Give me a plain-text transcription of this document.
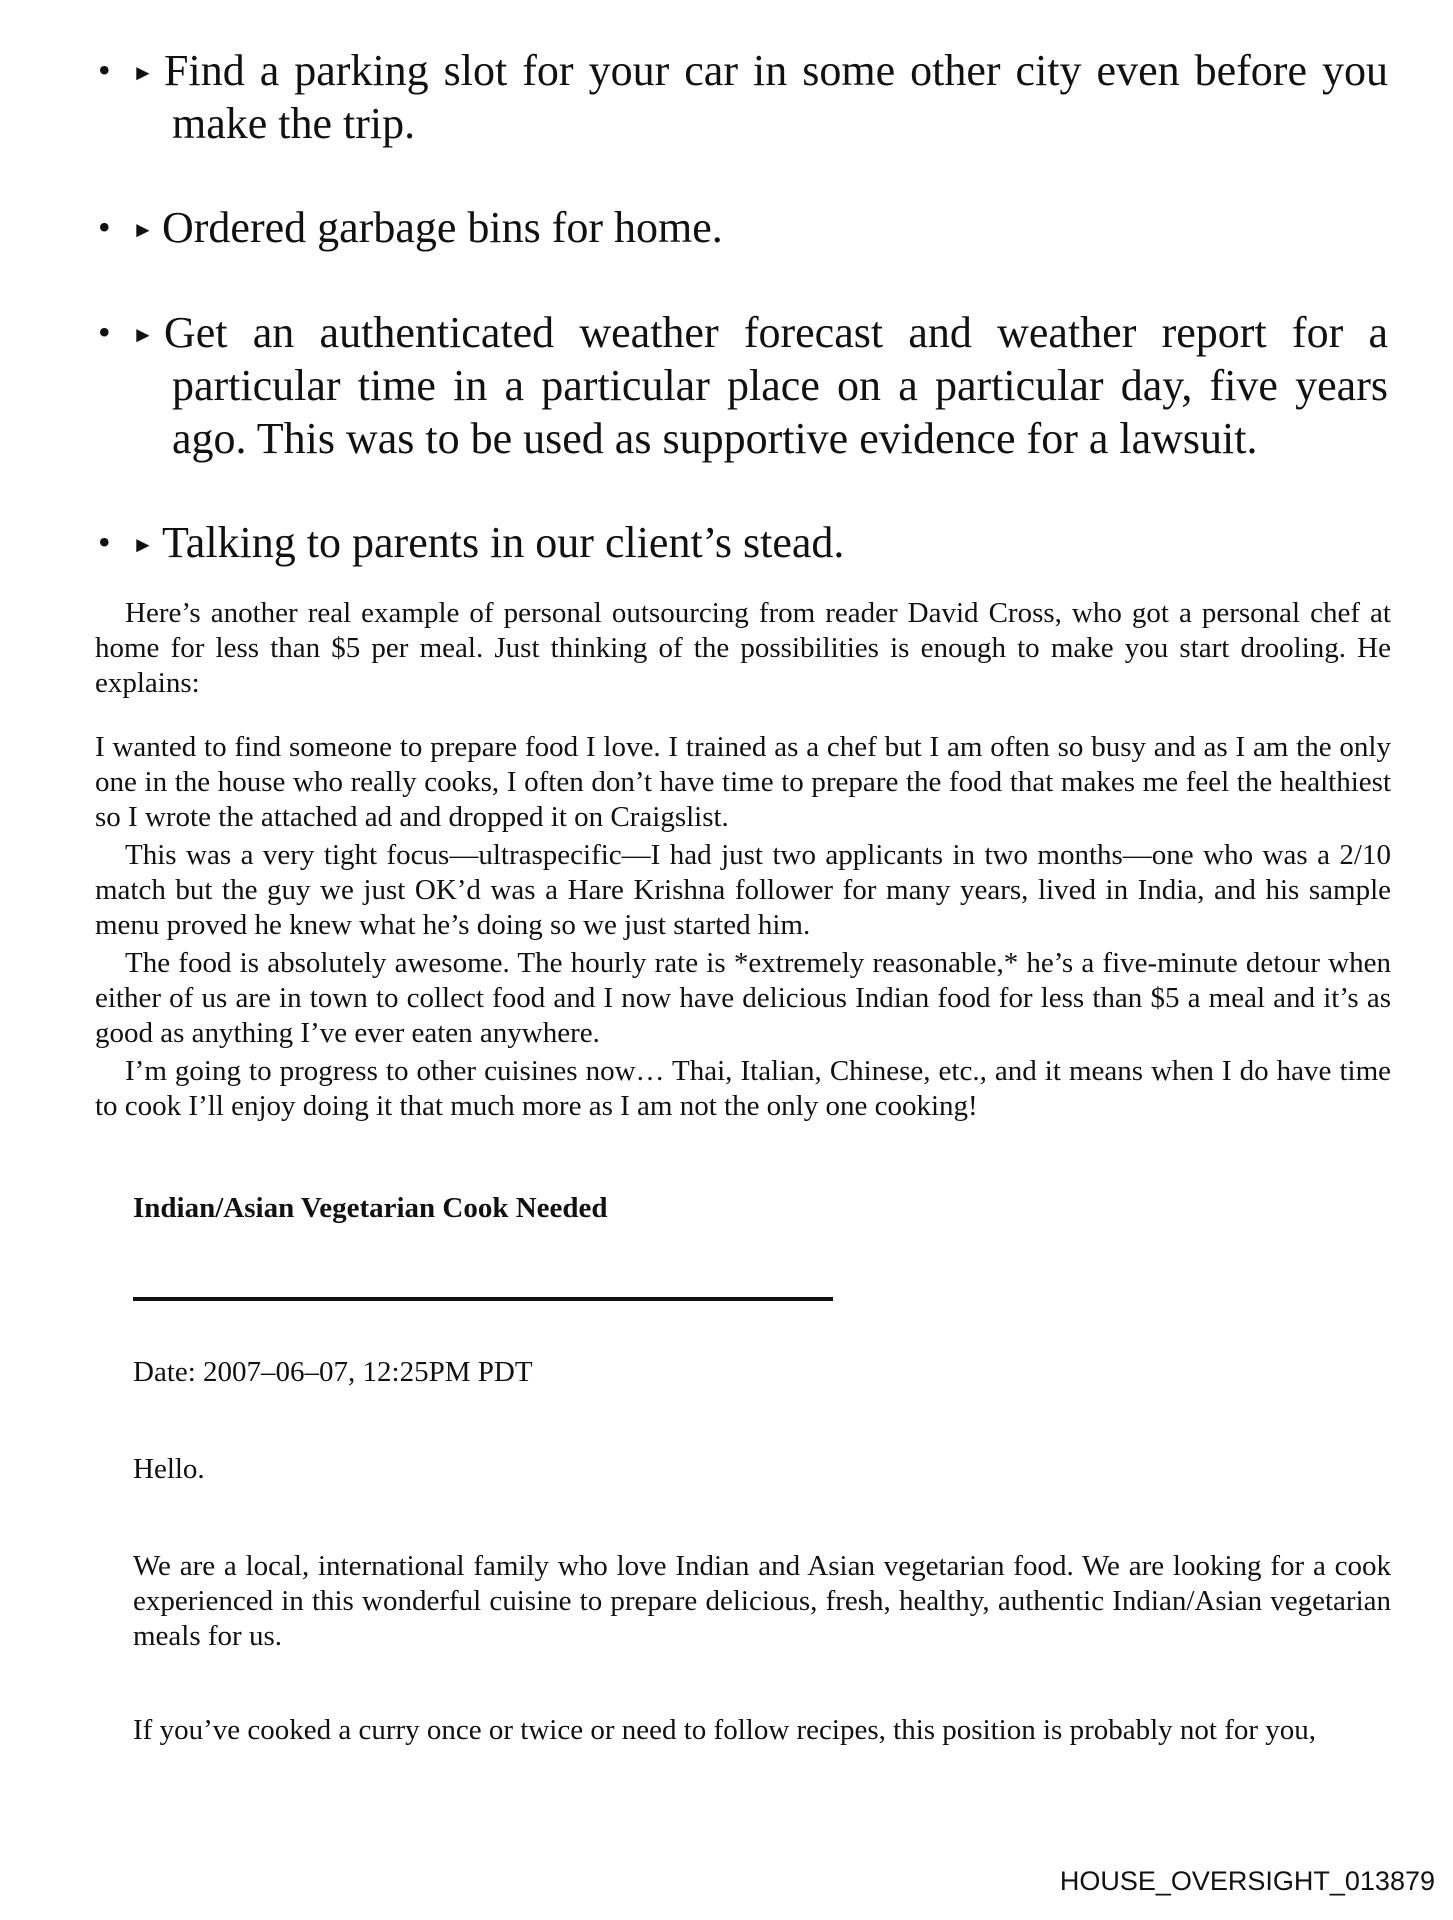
• ► Find a parking slot for your car in some other city even before you make the trip.
• ► Ordered garbage bins for home.
• ► Get an authenticated weather forecast and weather report for a particular time in a particular place on a particular day, five years ago. This was to be used as supportive evidence for a lawsuit.
• ► Talking to parents in our client’s stead.

Here’s another real example of personal outsourcing from reader David Cross, who got a personal chef at home for less than $5 per meal. Just thinking of the possibilities is enough to make you start drooling. He explains:

I wanted to find someone to prepare food I love. I trained as a chef but I am often so busy and as I am the only one in the house who really cooks, I often don’t have time to prepare the food that makes me feel the healthiest so I wrote the attached ad and dropped it on Craigslist.

This was a very tight focus—ultraspecific—I had just two applicants in two months—one who was a 2/10 match but the guy we just OK’d was a Hare Krishna follower for many years, lived in India, and his sample menu proved he knew what he’s doing so we just started him.

The food is absolutely awesome. The hourly rate is *extremely reasonable,* he’s a five-minute detour when either of us are in town to collect food and I now have delicious Indian food for less than $5 a meal and it’s as good as anything I’ve ever eaten anywhere.

I’m going to progress to other cuisines now… Thai, Italian, Chinese, etc., and it means when I do have time to cook I’ll enjoy doing it that much more as I am not the only one cooking!

Indian/Asian Vegetarian Cook Needed
Date: 2007–06–07, 12:25PM PDT
Hello.

We are a local, international family who love Indian and Asian vegetarian food. We are looking for a cook experienced in this wonderful cuisine to prepare delicious, fresh, healthy, authentic Indian/Asian vegetarian meals for us.

If you’ve cooked a curry once or twice or need to follow recipes, this position is probably not for you,

HOUSE_OVERSIGHT_013879
